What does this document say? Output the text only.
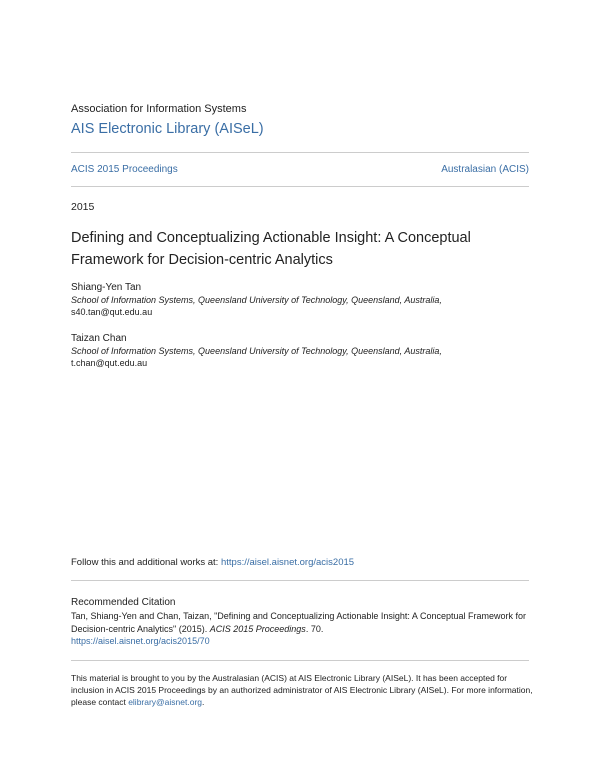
Association for Information Systems
AIS Electronic Library (AISeL)
ACIS 2015 Proceedings	Australasian (ACIS)
2015
Defining and Conceptualizing Actionable Insight: A Conceptual Framework for Decision-centric Analytics
Shiang-Yen Tan
School of Information Systems, Queensland University of Technology, Queensland, Australia,
s40.tan@qut.edu.au
Taizan Chan
School of Information Systems, Queensland University of Technology, Queensland, Australia,
t.chan@qut.edu.au
Follow this and additional works at: https://aisel.aisnet.org/acis2015
Recommended Citation
Tan, Shiang-Yen and Chan, Taizan, "Defining and Conceptualizing Actionable Insight: A Conceptual Framework for Decision-centric Analytics" (2015). ACIS 2015 Proceedings. 70.
https://aisel.aisnet.org/acis2015/70
This material is brought to you by the Australasian (ACIS) at AIS Electronic Library (AISeL). It has been accepted for inclusion in ACIS 2015 Proceedings by an authorized administrator of AIS Electronic Library (AISeL). For more information, please contact elibrary@aisnet.org.
